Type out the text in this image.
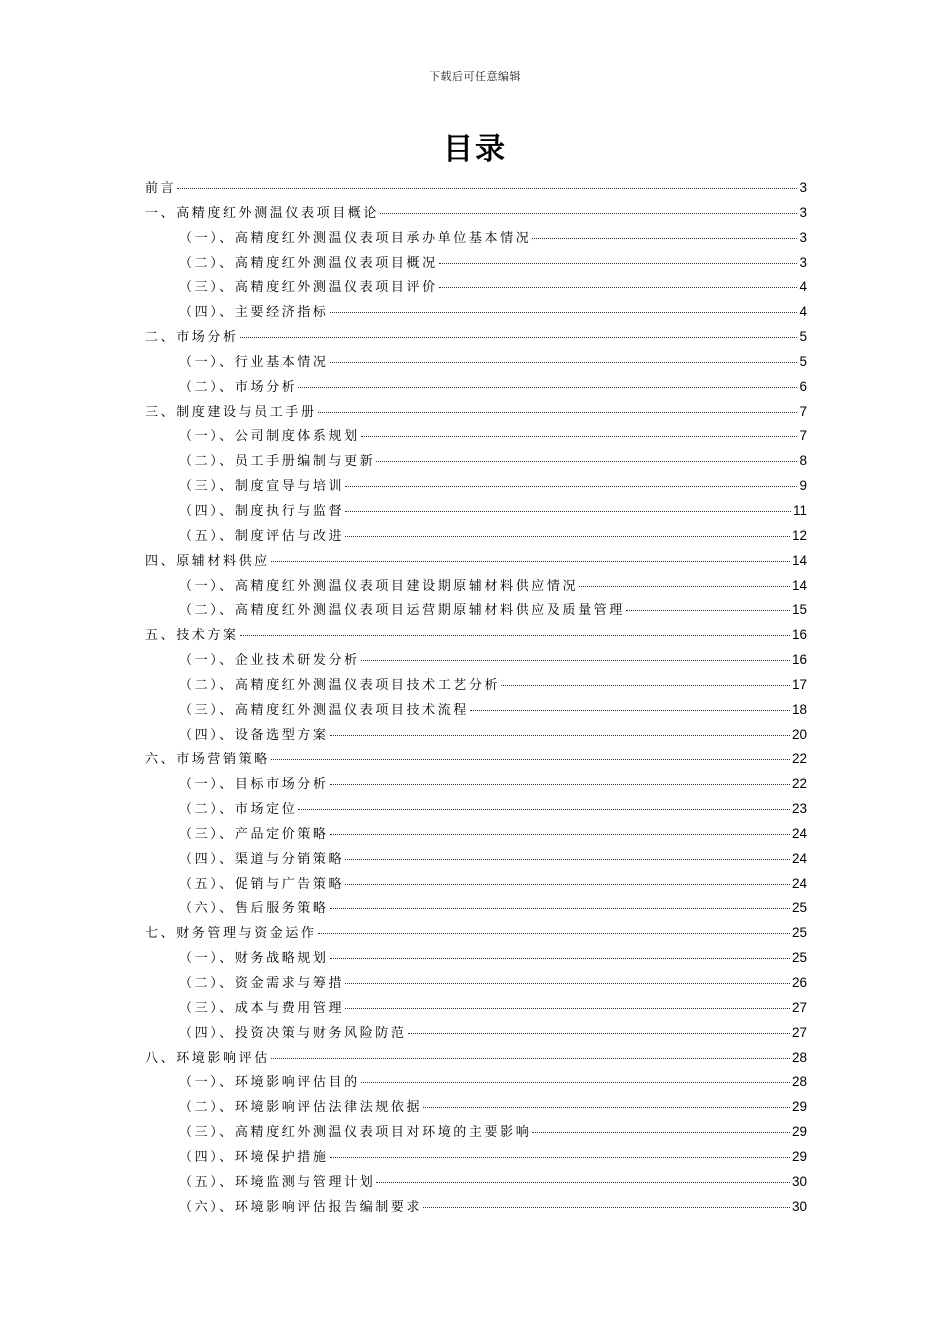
下载后可任意编辑
目录
前言	3
一、高精度红外测温仪表项目概论	3
（一）、高精度红外测温仪表项目承办单位基本情况	3
（二）、高精度红外测温仪表项目概况	3
（三）、高精度红外测温仪表项目评价	4
（四）、主要经济指标	4
二、市场分析	5
（一）、行业基本情况	5
（二）、市场分析	6
三、制度建设与员工手册	7
（一）、公司制度体系规划	7
（二）、员工手册编制与更新	8
（三）、制度宣导与培训	9
（四）、制度执行与监督	11
（五）、制度评估与改进	12
四、原辅材料供应	14
（一）、高精度红外测温仪表项目建设期原辅材料供应情况	14
（二）、高精度红外测温仪表项目运营期原辅材料供应及质量管理	15
五、技术方案	16
（一）、企业技术研发分析	16
（二）、高精度红外测温仪表项目技术工艺分析	17
（三）、高精度红外测温仪表项目技术流程	18
（四）、设备选型方案	20
六、市场营销策略	22
（一）、目标市场分析	22
（二）、市场定位	23
（三）、产品定价策略	24
（四）、渠道与分销策略	24
（五）、促销与广告策略	24
（六）、售后服务策略	25
七、财务管理与资金运作	25
（一）、财务战略规划	25
（二）、资金需求与筹措	26
（三）、成本与费用管理	27
（四）、投资决策与财务风险防范	27
八、环境影响评估	28
（一）、环境影响评估目的	28
（二）、环境影响评估法律法规依据	29
（三）、高精度红外测温仪表项目对环境的主要影响	29
（四）、环境保护措施	29
（五）、环境监测与管理计划	30
（六）、环境影响评估报告编制要求	30
